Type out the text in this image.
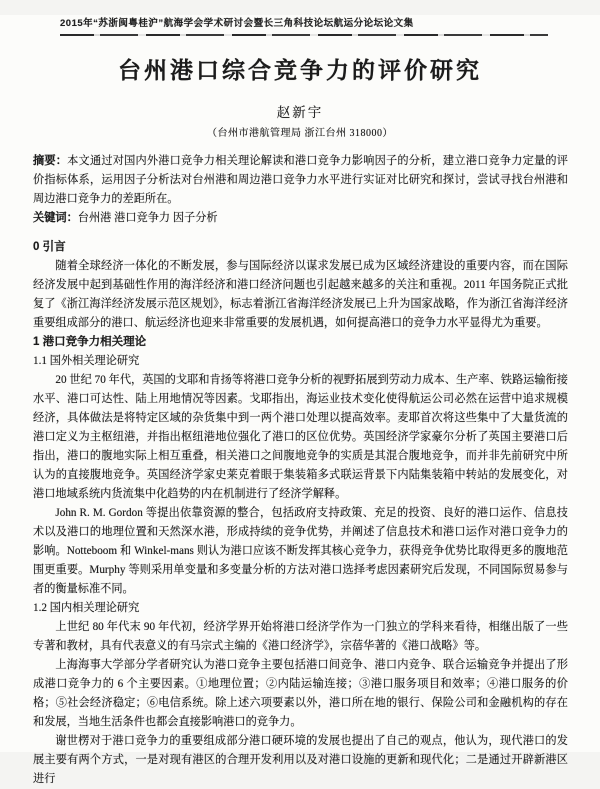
2015年“苏浙闽粤桂沪”航海学会学术研讨会暨长三角科技论坛航运分论坛论文集
台州港口综合竞争力的评价研究
赵新宇
（台州市港航管理局 浙江台州 318000）
摘要：本文通过对国内外港口竞争力相关理论解读和港口竞争力影响因子的分析，建立港口竞争力定量的评价指标体系，运用因子分析法对台州港和周边港口竞争力水平进行实证对比研究和探讨，尝试寻找台州港和周边港口竞争力的差距所在。
关键词：台州港 港口竞争力 因子分析
0 引言

随着全球经济一体化的不断发展，参与国际经济以谋求发展已成为区域经济建设的重要内容，而在国际经济发展中起到基础性作用的海洋经济和港口经济问题也引起越来越多的关注和重视。2011 年国务院正式批复了《浙江海洋经济发展示范区规划》，标志着浙江省海洋经济发展已上升为国家战略，作为浙江省海洋经济重要组成部分的港口、航运经济也迎来非常重要的发展机遇，如何提高港口的竞争力水平显得尤为重要。

1 港口竞争力相关理论
1.1 国外相关理论研究

20 世纪 70 年代，英国的戈耶和肯扬等将港口竞争分析的视野拓展到劳动力成本、生产率、铁路运输衔接水平、港口可达性、陆上用地情况等因素。戈耶指出，海运业技术变化使得航运公司必然在运营中追求规模经济，具体做法是将特定区域的杂货集中到一两个港口处理以提高效率。麦耶首次将这些集中了大量货流的港口定义为主枢纽港，并指出枢纽港地位强化了港口的区位优势。英国经济学家豪尔分析了英国主要港口后指出，港口的腹地实际上相互重叠，相关港口之间腹地竞争的实质是其混合腹地竞争，而并非先前研究中所认为的直接腹地竞争。英国经济学家史莱克着眼于集装箱多式联运背景下内陆集装箱中转站的发展变化，对港口地域系统内货流集中化趋势的内在机制进行了经济学解释。

John R. M. Gordon 等提出依靠资源的整合，包括政府支持政策、充足的投资、良好的港口运作、信息技术以及港口的地理位置和天然深水港，形成持续的竞争优势，并阐述了信息技术和港口运作对港口竞争力的影响。Notteboom 和 Winkel-mans 则认为港口应该不断发挥其核心竞争力，获得竞争优势比取得更多的腹地范围更重要。Murphy 等则采用单变量和多变量分析的方法对港口选择考虑因素研究后发现，不同国际贸易参与者的衡量标准不同。

1.2 国内相关理论研究

上世纪 80 年代末 90 年代初，经济学界开始将港口经济学作为一门独立的学科来看待，相继出版了一些专著和教材，具有代表意义的有马宗式主编的《港口经济学》，宗蓓华著的《港口战略》等。

上海海事大学部分学者研究认为港口竞争主要包括港口间竞争、港口内竞争、联合运输竞争并提出了形成港口竞争力的 6 个主要因素。①地理位置；②内陆运输连接；③港口服务项目和效率；④港口服务的价格；⑤社会经济稳定；⑥电信系统。除上述六项要素以外，港口所在地的银行、保险公司和金融机构的存在和发展，当地生活条件也都会直接影响港口的竞争力。

谢世楞对于港口竞争力的重要组成部分港口硬环境的发展也提出了自己的观点，他认为，现代港口的发展主要有两个方式，一是对现有港区的合理开发利用以及对港口设施的更新和现代化；二是通过开辟新港区进行
